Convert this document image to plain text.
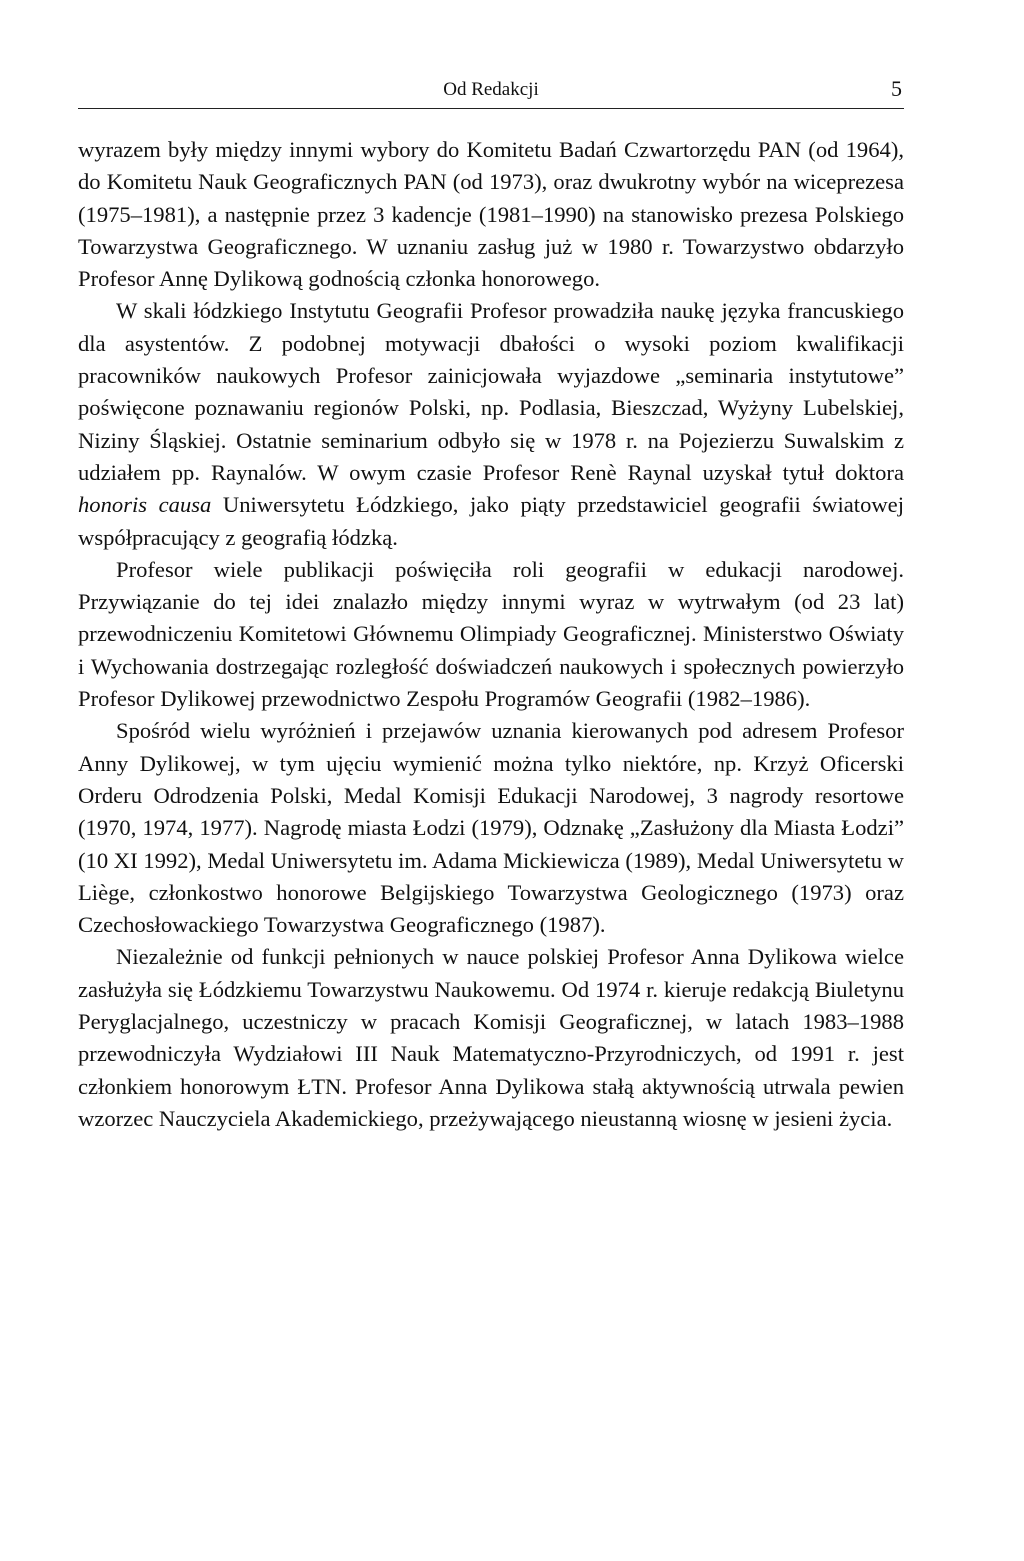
Od Redakcji	5

wyrazem były między innymi wybory do Komitetu Badań Czwartorzędu PAN (od 1964), do Komitetu Nauk Geograficznych PAN (od 1973), oraz dwukrotny wybór na wiceprezesa (1975–1981), a następnie przez 3 kadencje (1981–1990) na stanowisko prezesa Polskiego Towarzystwa Geograficznego. W uznaniu zasług już w 1980 r. Towarzystwo obdarzyło Profesor Annę Dylikową godnością członka honorowego.

W skali łódzkiego Instytutu Geografii Profesor prowadziła naukę języka francuskiego dla asystentów. Z podobnej motywacji dbałości o wysoki poziom kwalifikacji pracowników naukowych Profesor zainicjowała wyjazdowe „seminaria instytutowe” poświęcone poznawaniu regionów Polski, np. Podlasia, Bieszczad, Wyżyny Lubelskiej, Niziny Śląskiej. Ostatnie seminarium odbyło się w 1978 r. na Pojezierzu Suwalskim z udziałem pp. Raynalów. W owym czasie Profesor Renè Raynal uzyskał tytuł doktora honoris causa Uniwersytetu Łódzkiego, jako piąty przedstawiciel geografii światowej współpracujący z geografią łódzką.

Profesor wiele publikacji poświęciła roli geografii w edukacji narodowej. Przywiązanie do tej idei znalazło między innymi wyraz w wytrwałym (od 23 lat) przewodniczeniu Komitetowi Głównemu Olimpiady Geograficznej. Ministerstwo Oświaty i Wychowania dostrzegając rozległość doświadczeń naukowych i społecznych powierzyło Profesor Dylikowej przewodnictwo Zespołu Programów Geografii (1982–1986).

Spośród wielu wyróżnień i przejawów uznania kierowanych pod adresem Profesor Anny Dylikowej, w tym ujęciu wymienić można tylko niektóre, np. Krzyż Oficerski Orderu Odrodzenia Polski, Medal Komisji Edukacji Narodowej, 3 nagrody resortowe (1970, 1974, 1977). Nagrodę miasta Łodzi (1979), Odznakę „Zasłużony dla Miasta Łodzi” (10 XI 1992), Medal Uniwersytetu im. Adama Mickiewicza (1989), Medal Uniwersytetu w Liège, członkostwo honorowe Belgijskiego Towarzystwa Geologicznego (1973) oraz Czechosłowackiego Towarzystwa Geograficznego (1987).

Niezależnie od funkcji pełnionych w nauce polskiej Profesor Anna Dylikowa wielce zasłużyła się Łódzkiemu Towarzystwu Naukowemu. Od 1974 r. kieruje redakcją Biuletynu Peryglacjalnego, uczestniczy w pracach Komisji Geograficznej, w latach 1983–1988 przewodniczyła Wydziałowi III Nauk Matematyczno-Przyrodniczych, od 1991 r. jest członkiem honorowym ŁTN. Profesor Anna Dylikowa stałą aktywnością utrwala pewien wzorzec Nauczyciela Akademickiego, przeżywającego nieustanną wiosnę w jesieni życia.
